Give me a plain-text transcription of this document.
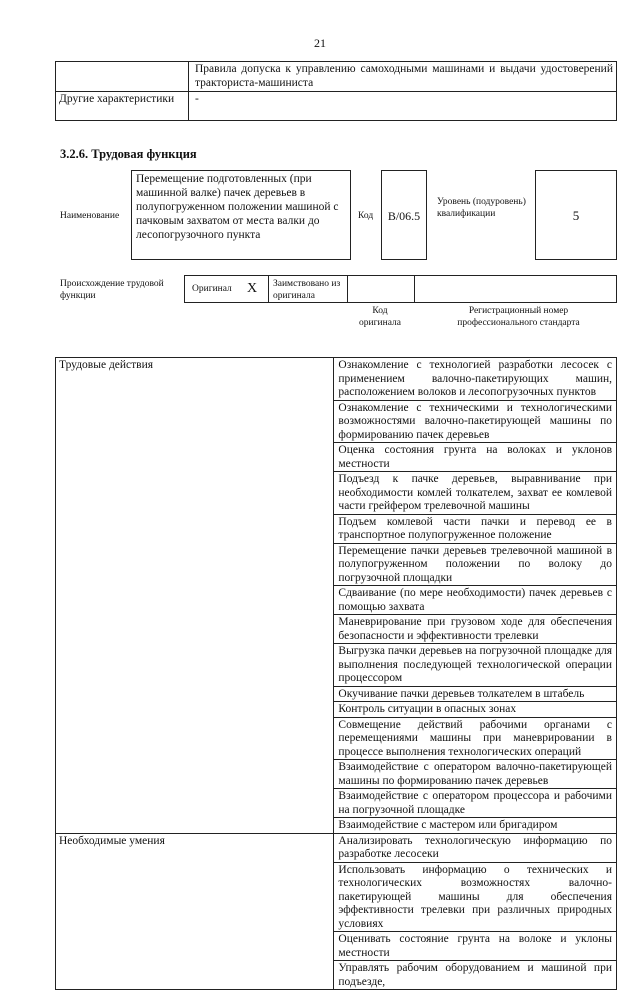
21
	Правила допуска к управлению самоходными машинами и выдачи удостоверений тракториста-машиниста
Другие характеристики	-
3.2.6. Трудовая функция
Наименование
Перемещение подготовленных (при машинной валке) пачек деревьев в полупогруженном положении машиной с пачковым захватом от места валки до лесопогрузочного пункта
Код	В/06.5
Уровень (подуровень) квалификации	5
Происхождение трудовой функции
Оригинал X Заимствовано из оригинала
Код оригинала
Регистрационный номер профессионального стандарта
Трудовые действия	Ознакомление с технологией разработки лесосек с применением валочно-пакетирующих машин, расположением волоков и лесопогрузочных пунктов
	Ознакомление с техническими и технологическими возможностями валочно-пакетирующей машины по формированию пачек деревьев
	Оценка состояния грунта на волоках и уклонов местности
	Подъезд к пачке деревьев, выравнивание при необходимости комлей толкателем, захват ее комлевой части грейфером трелевочной машины
	Подъем комлевой части пачки и перевод ее в транспортное полупогруженное положение
	Перемещение пачки деревьев трелевочной машиной в полупогруженном положении по волоку до погрузочной площадки
	Сдваивание (по мере необходимости) пачек деревьев с помощью захвата
	Маневрирование при грузовом ходе для обеспечения безопасности и эффективности трелевки
	Выгрузка пачки деревьев на погрузочной площадке для выполнения последующей технологической операции процессором
	Окучивание пачки деревьев толкателем в штабель
	Контроль ситуации в опасных зонах
	Совмещение действий рабочими органами с перемещениями машины при маневрировании в процессе выполнения технологических операций
	Взаимодействие с оператором валочно-пакетирующей машины по формированию пачек деревьев
	Взаимодействие с оператором процессора и рабочими на погрузочной площадке
	Взаимодействие с мастером или бригадиром
Необходимые умения	Анализировать технологическую информацию по разработке лесосеки
	Использовать информацию о технических и технологических возможностях валочно-пакетирующей машины для обеспечения эффективности трелевки при различных природных условиях
	Оценивать состояние грунта на волоке и уклоны местности
	Управлять рабочим оборудованием и машиной при подъезде,
